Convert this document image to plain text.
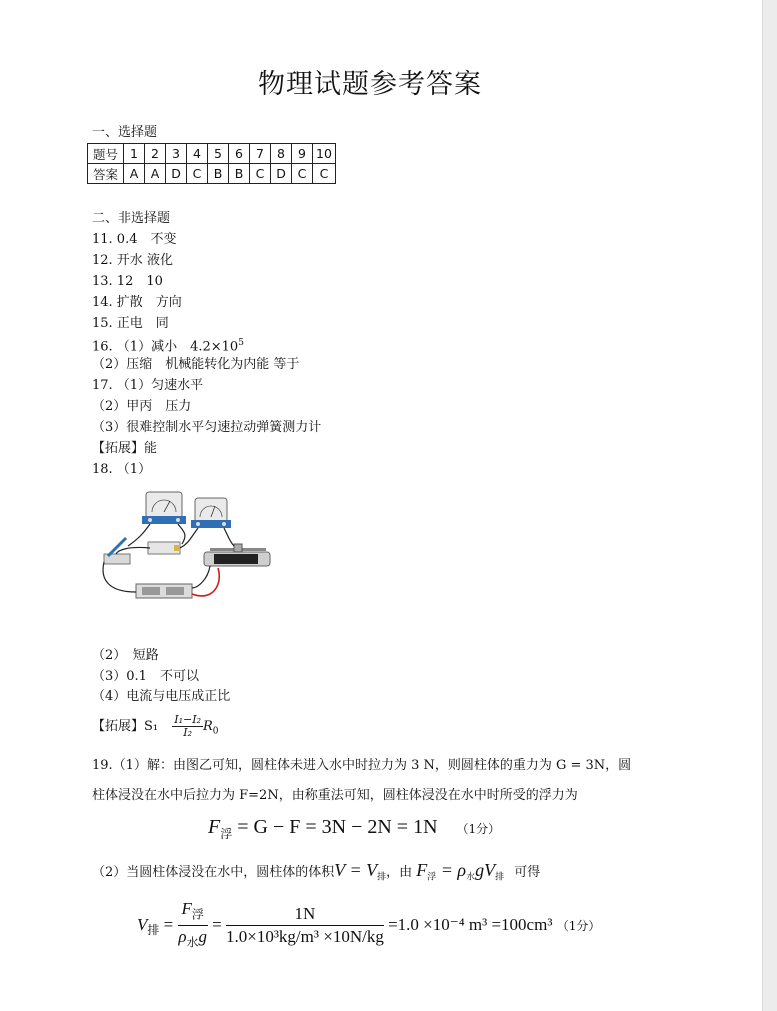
物理试题参考答案
一、选择题
题号	1	2	3	4	5	6	7	8	9	10
答案	A	A	D	C	B	B	C	D	C	C
二、非选择题
11. 0.4　不变
12. 开水 液化
13. 12　10
14. 扩散　方向
15. 正电　同
16. （1）减小　$4.2\times 10^5$
（2）压缩　机械能转化为内能 等于
17. （1）匀速水平
（2）甲丙　压力
（3）很难控制水平匀速拉动弹簧测力计
【拓展】能
18. （1）
（2）　短路
（3）0.1　不可以
（4）电流与电压成正比
【拓展】$S_1 \frac{\text{I₁−I₂}}{\text{I₂}} R_0$
19.（1）解：由图乙可知，圆柱体未进入水中时拉力为 3 N，则圆柱体的重力为 G = 3N，圆
柱体浸没在水中后拉力为 F=2N，由称重法可知，圆柱体浸没在水中时所受的浮力为
$F_浮 = G - F = 3N - 2N = 1N$ （1分）
（2）当圆柱体浸没在水中，圆柱体的体积$V = V_排$，由 $F_浮 = \rho_水gV_排$ 可得
$V_排$ =
$F_浮$
$\rho_水g$
= $\frac{1N}{\text{1.0×10³kg/m³ ×10N/kg}} =1.0 \times 10^{-4}$ m³ =100cm³ （1分）
